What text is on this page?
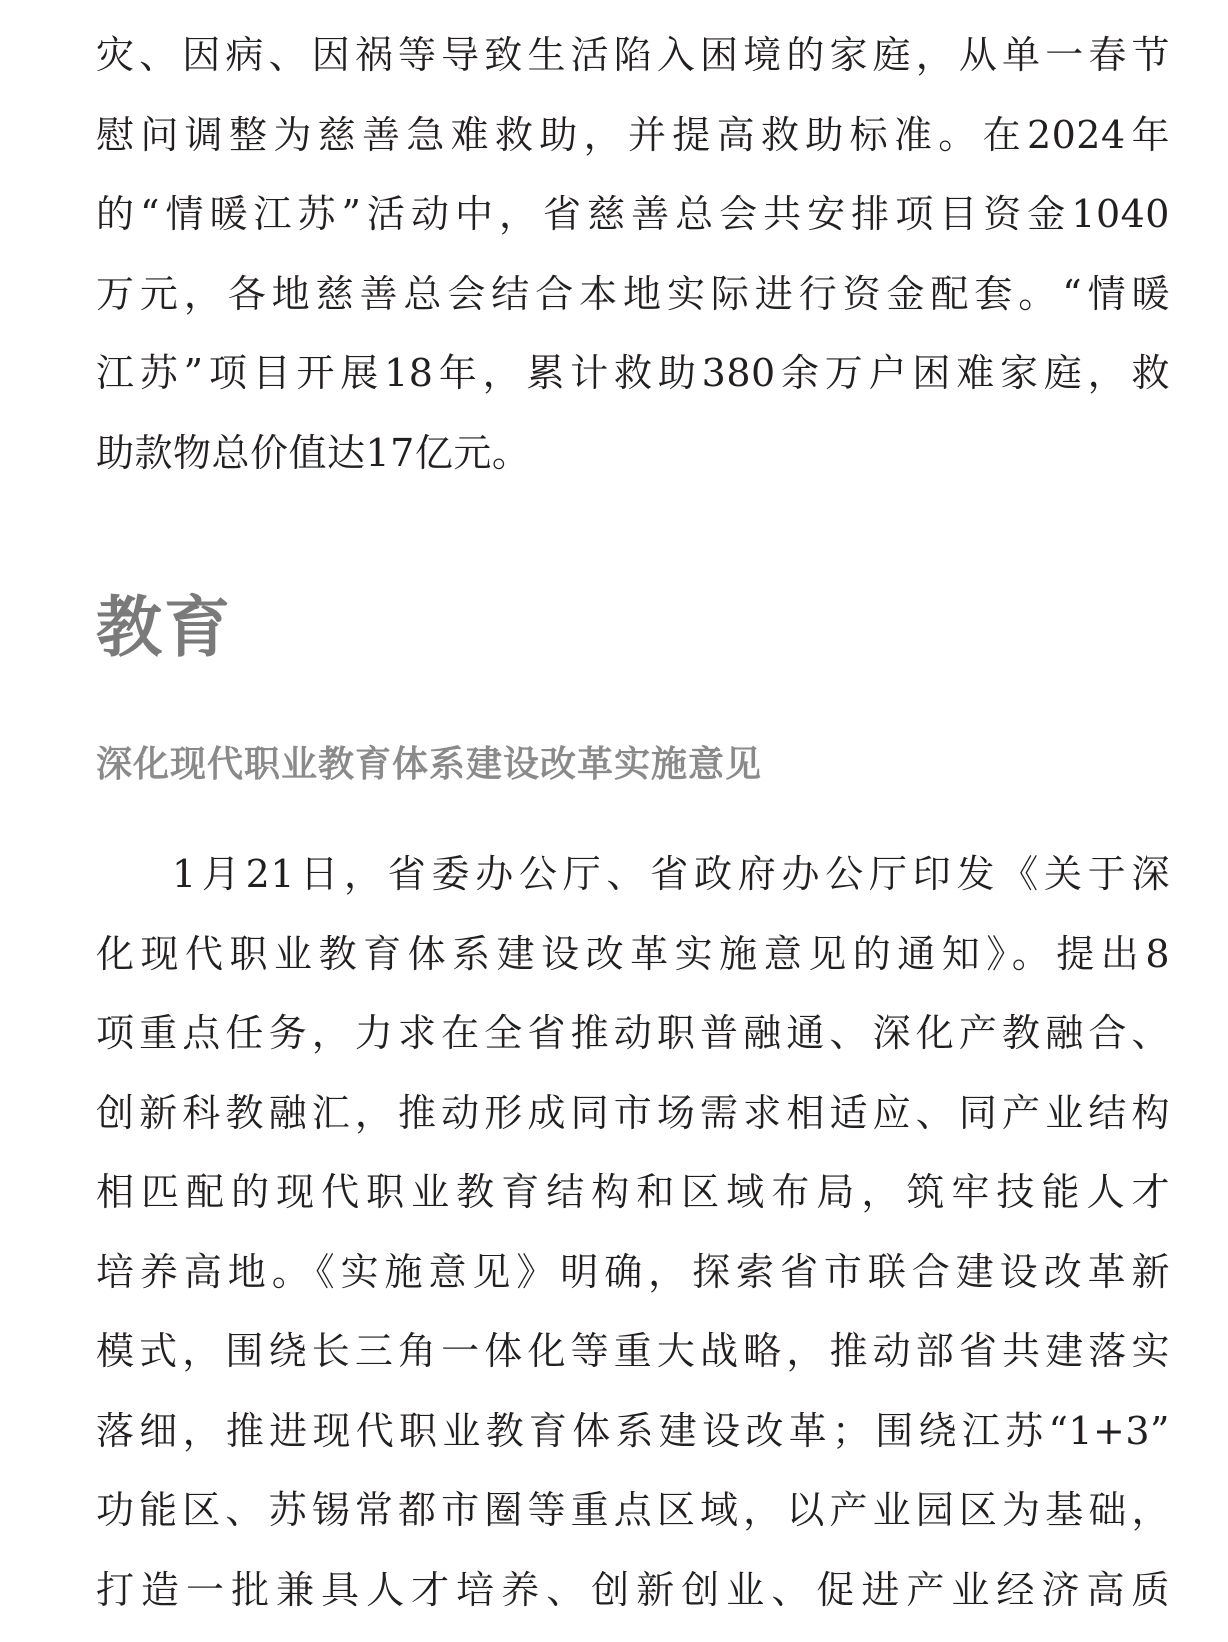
灾、因病、因祸等导致生活陷入困境的家庭，从单一春节
慰问调整为慈善急难救助，并提高救助标准。在2024年
的“情暖江苏”活动中，省慈善总会共安排项目资金1040
万元，各地慈善总会结合本地实际进行资金配套。“情暖
江苏”项目开展18年，累计救助380余万户困难家庭，救
助款物总价值达17亿元。
教育
深化现代职业教育体系建设改革实施意见
1月21日，省委办公厅、省政府办公厅印发《关于深
化现代职业教育体系建设改革实施意见的通知》。提出8
项重点任务，力求在全省推动职普融通、深化产教融合、
创新科教融汇，推动形成同市场需求相适应、同产业结构
相匹配的现代职业教育结构和区域布局，筑牢技能人才
培养高地。《实施意见》明确，探索省市联合建设改革新
模式，围绕长三角一体化等重大战略，推动部省共建落实
落细，推进现代职业教育体系建设改革；围绕江苏“1+3”
功能区、苏锡常都市圈等重点区域，以产业园区为基础，
打造一批兼具人才培养、创新创业、促进产业经济高质
